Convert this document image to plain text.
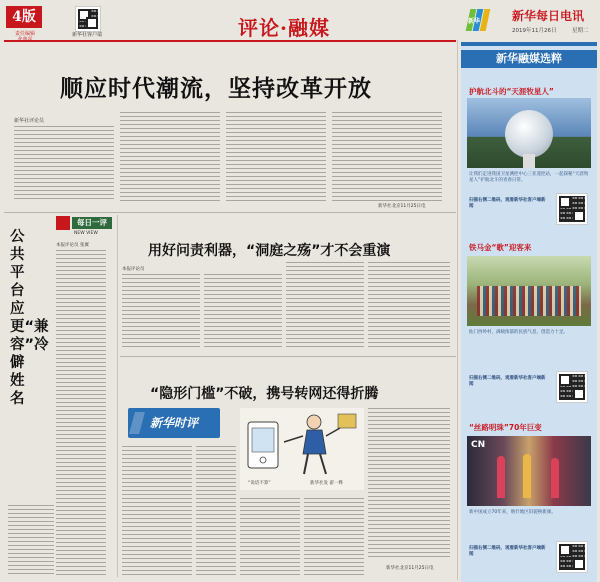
4版
责任编辑	新华社客户端	评论·融媒	新华	新华每日电讯
2019年11月26日	星期二
顺应时代潮流，坚持改革开放
新华社评论员
新华社北京11月25日电
每日一评
NEW VIEW
公共平台应更“兼容”冷僻姓名
本报评论员 张翼	用好问责利器，“洞庭之殇”才不会重演
本报评论员
“隐形门槛”不破，携号转网还得折腾
新华时评
新华社北京11月25日电
“说话不算”	新华社发 翟一桦
新华融媒选粹
护航北斗的“天涯牧星人”
让我们走进我国卫星测控中心三亚遥控站，一起探秘“天涯牧星人”护航北斗的青春日常。
扫描右侧二维码，观看新华社客户端新闻
铁马金“歌”迎客来
仙门西岭村，满载浓郁的民族气息，创造力十足。
扫描右侧二维码，观看新华社客户端新闻
“丝路明珠”70年巨变
CN
新中国成立70年来，喀什地区旧貌换新颜。
扫描右侧二维码，观看新华社客户端新闻
